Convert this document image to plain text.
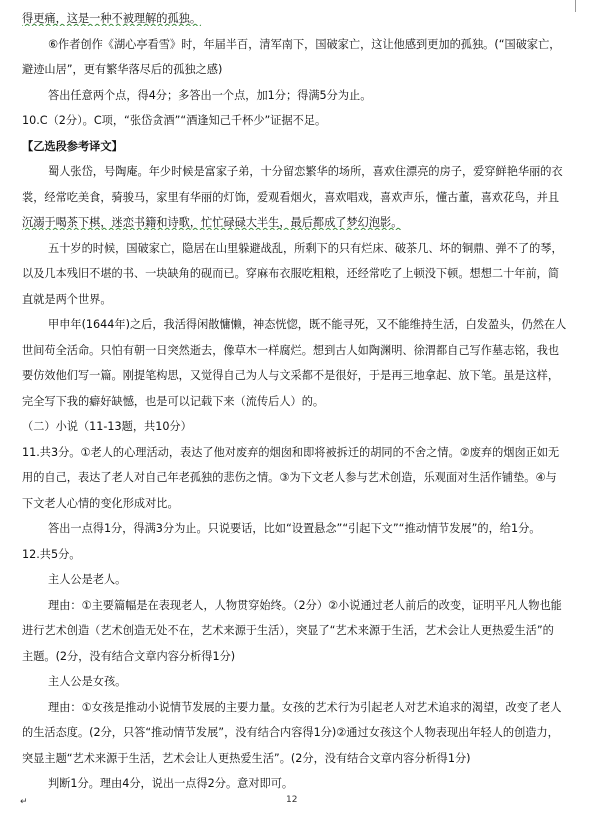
得更痛，这是一种不被理解的孤独。
⑥作者创作《湖心亭看雪》时，年届半百，清军南下，国破家亡，这让他感到更加的孤独。(“国破家亡，
避迹山居”，更有繁华落尽后的孤独之感)
答出任意两个点，得4分；多答出一个点，加1分；得满5分为止。
10.C（2分）。C项，“张岱贪酒”“酒逢知己千杯少”证据不足。
【乙选段参考译文】
蜀人张岱，号陶庵。年少时候是富家子弟，十分留恋繁华的场所，喜欢住漂亮的房子，爱穿鲜艳华丽的衣
裳，经常吃美食，骑骏马，家里有华丽的灯饰，爱观看烟火，喜欢唱戏，喜欢声乐，懂古董，喜欢花鸟，并且
沉溺于喝茶下棋，迷恋书籍和诗歌，忙忙碌碌大半生，最后都成了梦幻泡影。
五十岁的时候，国破家亡，隐居在山里躲避战乱，所剩下的只有烂床、破茶几、坏的铜鼎、弹不了的琴，
以及几本残旧不堪的书、一块缺角的砚而已。穿麻布衣服吃粗粮，还经常吃了上顿没下顿。想想二十年前，简
直就是两个世界。
甲申年(1644年)之后，我活得闲散慵懒，神态恍惚，既不能寻死，又不能维持生活，白发盈头，仍然在人
世间苟全活命。只怕有朝一日突然逝去，像草木一样腐烂。想到古人如陶渊明、徐渭都自己写作墓志铭，我也
要仿效他们写一篇。刚提笔构思，又觉得自己为人与文采都不是很好，于是再三地拿起、放下笔。虽是这样，
完全写下我的癖好缺憾，也是可以记载下来（流传后人）的。
（二）小说（11-13题，共10分）
11.共3分。①老人的心理活动，表达了他对废弃的烟囱和即将被拆迁的胡同的不舍之情。②废弃的烟囱正如无
用的自己，表达了老人对自己年老孤独的悲伤之情。③为下文老人参与艺术创造，乐观面对生活作铺垫。④与
下文老人心情的变化形成对比。
答出一点得1分，得满3分为止。只说要话，比如“设置悬念”“引起下文”“推动情节发展”的，给1分。
12.共5分。
主人公是老人。
理由：①主要篇幅是在表现老人，人物贯穿始终。（2分）②小说通过老人前后的改变，证明平凡人物也能
进行艺术创造（艺术创造无处不在，艺术来源于生活），突显了“艺术来源于生活，艺术会让人更热爱生活”的
主题。(2分，没有结合文章内容分析得1分)
主人公是女孩。
理由：①女孩是推动小说情节发展的主要力量。女孩的艺术行为引起老人对艺术追求的渴望，改变了老人
的生活态度。(2分，只答“推动情节发展”，没有结合内容得1分)②通过女孩这个人物表现出年轻人的创造力，
突显主题“艺术来源于生活，艺术会让人更热爱生活”。(2分，没有结合文章内容分析得1分)
判断1分。理由4分，说出一点得2分。意对即可。
↵	12
